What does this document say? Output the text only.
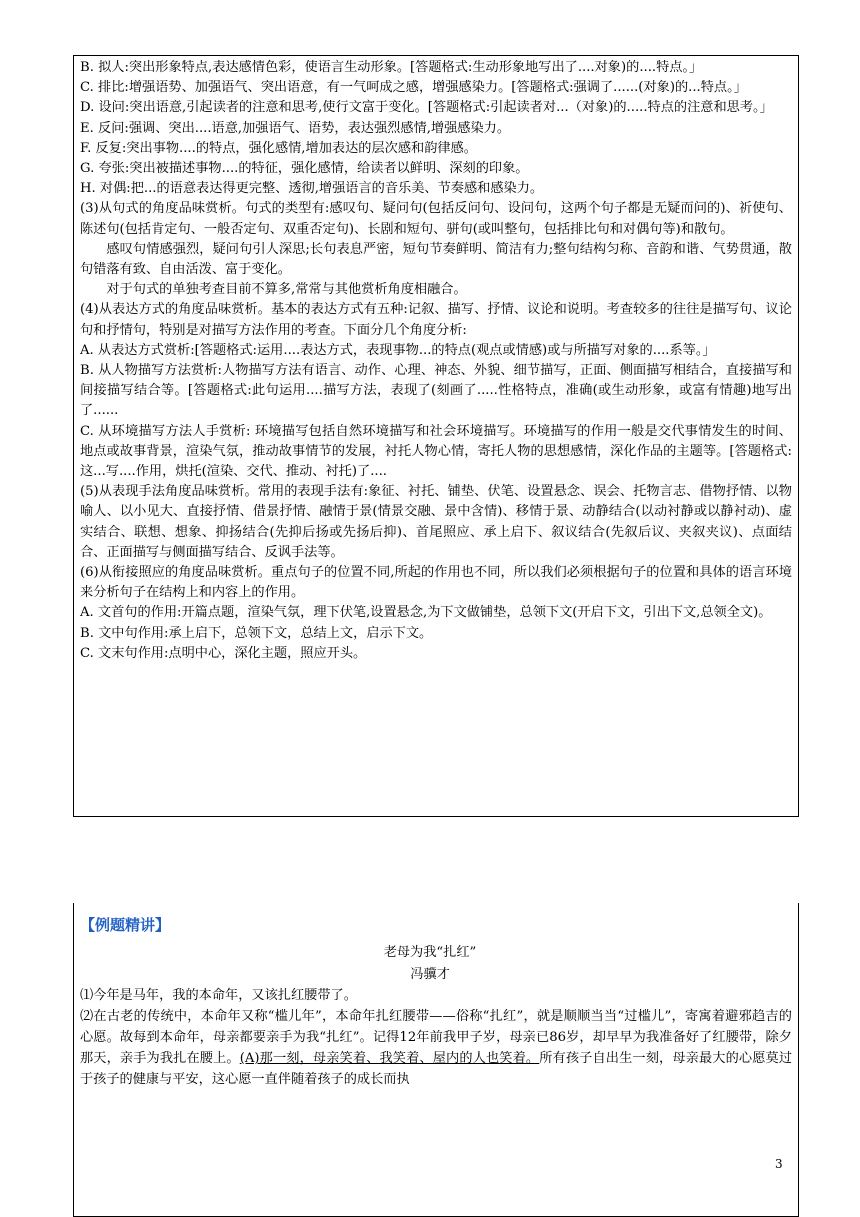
B. 拟人:突出形象特点,表达感情色彩，使语言生动形象。[答题格式:生动形象地写出了....对象)的....特点。」

C. 排比:增强语势、加强语气、突出语意，有一气呵成之感，增强感染力。[答题格式:强调了......(对象)的...特点。」

D. 设问:突出语意,引起读者的注意和思考,使行文富于变化。[答题格式:引起读者对...（对象)的.....特点的注意和思考。」

E. 反问:强调、突出....语意,加强语气、语势，表达强烈感情,增强感染力。

F. 反复:突出事物....的特点，强化感情,增加表达的层次感和韵律感。

G. 夸张:突出被描述事物....的特征，强化感情，给读者以鲜明、深刻的印象。

H. 对偶:把...的语意表达得更完整、透彻,增强语言的音乐美、节奏感和感染力。

(3)从句式的角度品味赏析。句式的类型有:感叹句、疑问句(包括反问句、设问句，这两个句子都是无疑而问的)、祈使句、陈述句(包括肯定句、一般否定句、双重否定句)、长剧和短句、骈句(或叫整句，包括排比句和对偶句等)和散句。

感叹句情感强烈，疑问句引人深思;长句表息严密，短句节奏鲜明、简洁有力;整句结构匀称、音韵和谐、气势贯通，散句错落有致、自由活泼、富于变化。

对于句式的单独考查目前不算多,常常与其他赏析角度相融合。

(4)从表达方式的角度品味赏析。基本的表达方式有五种:记叙、描写、抒情、议论和说明。考查较多的往往是描写句、议论句和抒情句，特别是对描写方法作用的考查。下面分几个角度分析:

A. 从表达方式赏析:[答题格式:运用....表达方式，表现事物...的特点(观点或情感)或与所描写对象的....系等。」

B. 从人物描写方法赏析:人物描写方法有语言、动作、心理、神态、外貌、细节描写，正面、侧面描写相结合，直接描写和间接描写结合等。[答题格式:此句运用....描写方法，表现了(刻画了.....性格特点，准确(或生动形象，或富有情趣)地写出了......

C. 从环境描写方法人手赏析: 环境描写包括自然环境描写和社会环境描写。环境描写的作用一般是交代事情发生的时间、地点或故事背景，渲染气氛，推动故事情节的发展，衬托人物心情，寄托人物的思想感情，深化作品的主题等。[答题格式:这...写....作用，烘托(渲染、交代、推动、衬托)了....

(5)从表现手法角度品味赏析。常用的表现手法有:象征、衬托、铺垫、伏笔、设置悬念、误会、托物言志、借物抒情、以物喻人、以小见大、直接抒情、借景抒情、融情于景(情景交融、景中含情)、移情于景、动静结合(以动衬静或以静衬动)、虚实结合、联想、想象、抑扬结合(先抑后扬或先扬后抑)、首尾照应、承上启下、叙议结合(先叙后议、夹叙夹议)、点面结合、正面描写与侧面描写结合、反讽手法等。

(6)从衔接照应的角度品味赏析。重点句子的位置不同,所起的作用也不同，所以我们必须根据句子的位置和具体的语言环境来分析句子在结构上和内容上的作用。

A. 文首句的作用:开篇点题，渲染气氛，理下伏笔,设置悬念,为下文做铺垫，总领下文(开启下文，引出下文,总领全文)。

B. 文中句作用:承上启下，总领下文，总结上文，启示下文。

C. 文末句作用:点明中心，深化主题，照应开头。

【例题精讲】
老母为我“扎红”
冯骥才

⑴今年是马年，我的本命年，又该扎红腰带了。

⑵在古老的传统中，本命年又称“槛儿年”，本命年扎红腰带——俗称“扎红”，就是顺顺当当“过槛儿”，寄寓着避邪趋吉的心愿。故每到本命年，母亲都要亲手为我“扎红”。记得12年前我甲子岁，母亲已86岁，却早早为我准备好了红腰带，除夕那天，亲手为我扎在腰上。(A)那一刻，母亲笑着、我笑着、屋内的人也笑着。所有孩子自出生一刻，母亲最大的心愿莫过于孩子的健康与平安，这心愿一直伴随着孩子的成长而执

3
